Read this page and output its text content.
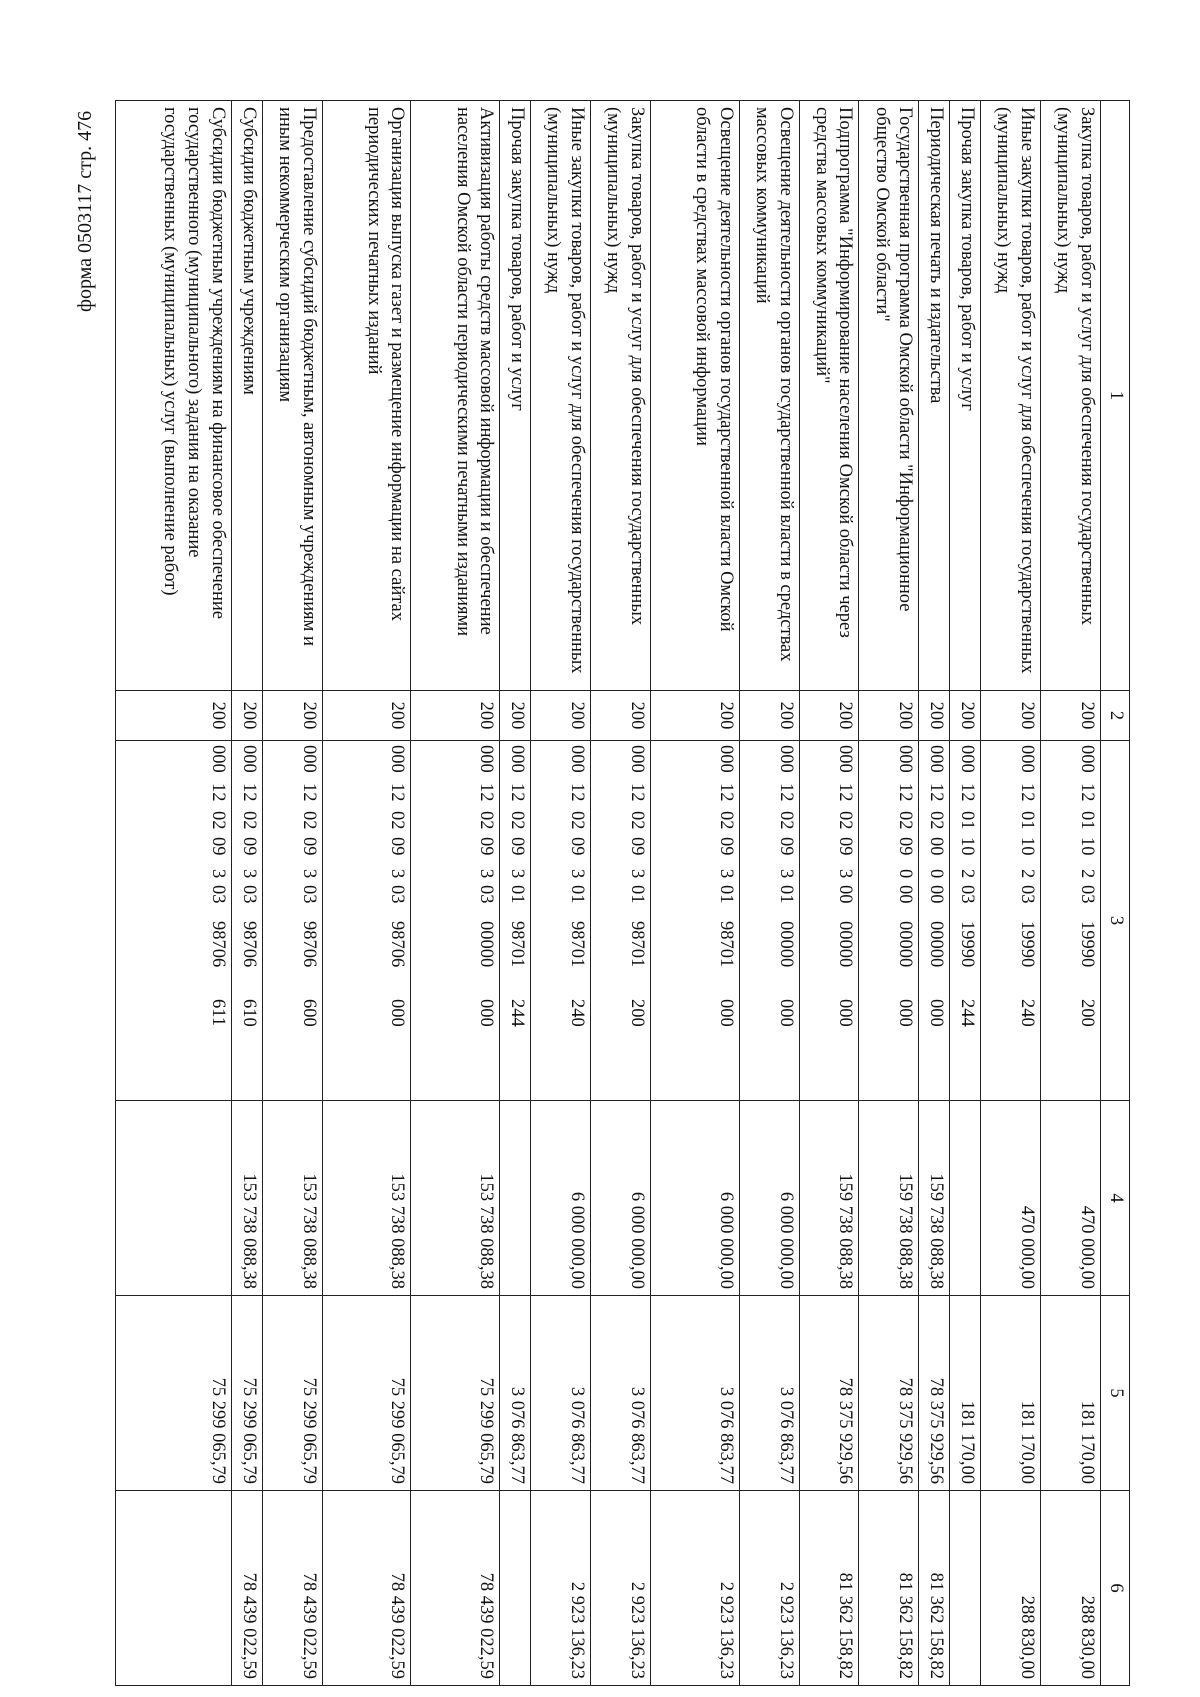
форма 0503117 стр. 476
1	2	3	4	5	6
Закупка товаров, работ и услуг для обеспечения государственных (муниципальных) нужд	200	00012011020319990200	470 000,00	181 170,00	288 830,00
Иные закупки товаров, работ и услуг для обеспечения государственных (муниципальных) нужд	200	00012011020319990240	470 000,00	181 170,00	288 830,00
Прочая закупка товаров, работ и услуг	200	00012011020319990244		181 170,00	
Периодическая печать и издательства	200	00012020000000000000	159 738 088,38	78 375 929,56	81 362 158,82
Государственная программа Омской области "Информационное общество Омской области"	200	00012020900000000000	159 738 088,38	78 375 929,56	81 362 158,82
Подпрограмма "Информирование населения Омской области через средства массовых коммуникаций"	200	00012020930000000000	159 738 088,38	78 375 929,56	81 362 158,82
Освещение деятельности органов государственной власти в средствах массовых коммуникаций	200	00012020930100000000	6 000 000,00	3 076 863,77	2 923 136,23
Освещение деятельности органов государственной власти Омской области в средствах массовой информации	200	00012020930198701000	6 000 000,00	3 076 863,77	2 923 136,23
Закупка товаров, работ и услуг для обеспечения государственных (муниципальных) нужд	200	00012020930198701200	6 000 000,00	3 076 863,77	2 923 136,23
Иные закупки товаров, работ и услуг для обеспечения государственных (муниципальных) нужд	200	00012020930198701240	6 000 000,00	3 076 863,77	2 923 136,23
Прочая закупка товаров, работ и услуг	200	00012020930198701244		3 076 863,77	
Активизация работы средств массовой информации и обеспечение населения Омской области периодическими печатными изданиями	200	00012020930300000000	153 738 088,38	75 299 065,79	78 439 022,59
Организация выпуска газет и размещение информации на сайтах периодических печатных изданий	200	00012020930398706000	153 738 088,38	75 299 065,79	78 439 022,59
Предоставление субсидий бюджетным, автономным учреждениям и иным некоммерческим организациям	200	00012020930398706600	153 738 088,38	75 299 065,79	78 439 022,59
Субсидии бюджетным учреждениям	200	00012020930398706610	153 738 088,38	75 299 065,79	78 439 022,59
Субсидии бюджетным учреждениям на финансовое обеспечение государственного (муниципального) задания на оказание государственных (муниципальных) услуг (выполнение работ)	200	00012020930398706611		75 299 065,79	
